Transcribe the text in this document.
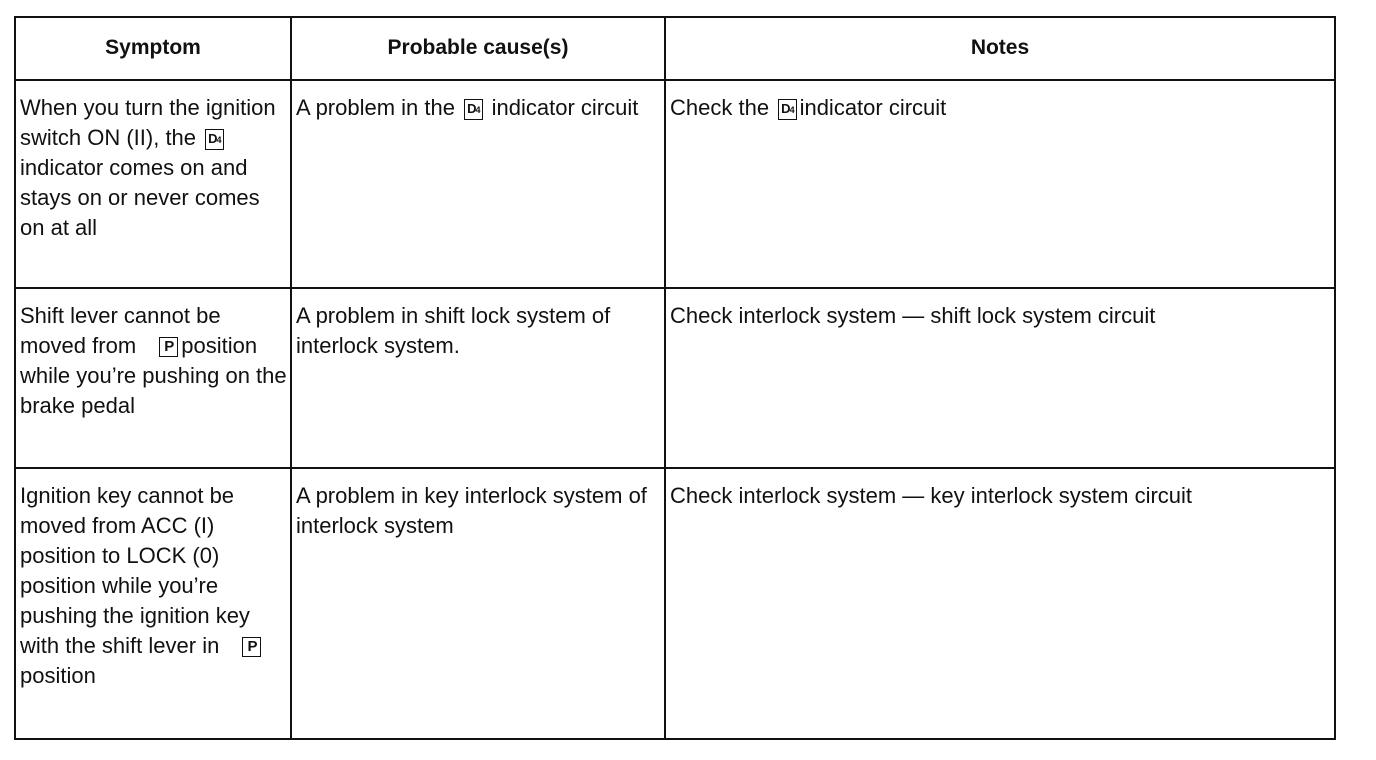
Symptom	Probable cause(s)	Notes

When you turn the ignition switch ON (II), the D4indicator comes on and stays on or never comes on at all	A problem in the D4 indicator circuit	Check the D4 indicator circuit

Shift lever cannot be moved from P position while you’re pushing on the brake pedal	A problem in shift lock system of interlock system.	Check interlock system — shift lock system circuit

Ignition key cannot be moved from ACC (I) position to LOCK (0) position while you’re pushing the ignition key with the shift lever in Pposition	A problem in key interlock system of interlock system	Check interlock system — key interlock system circuit
